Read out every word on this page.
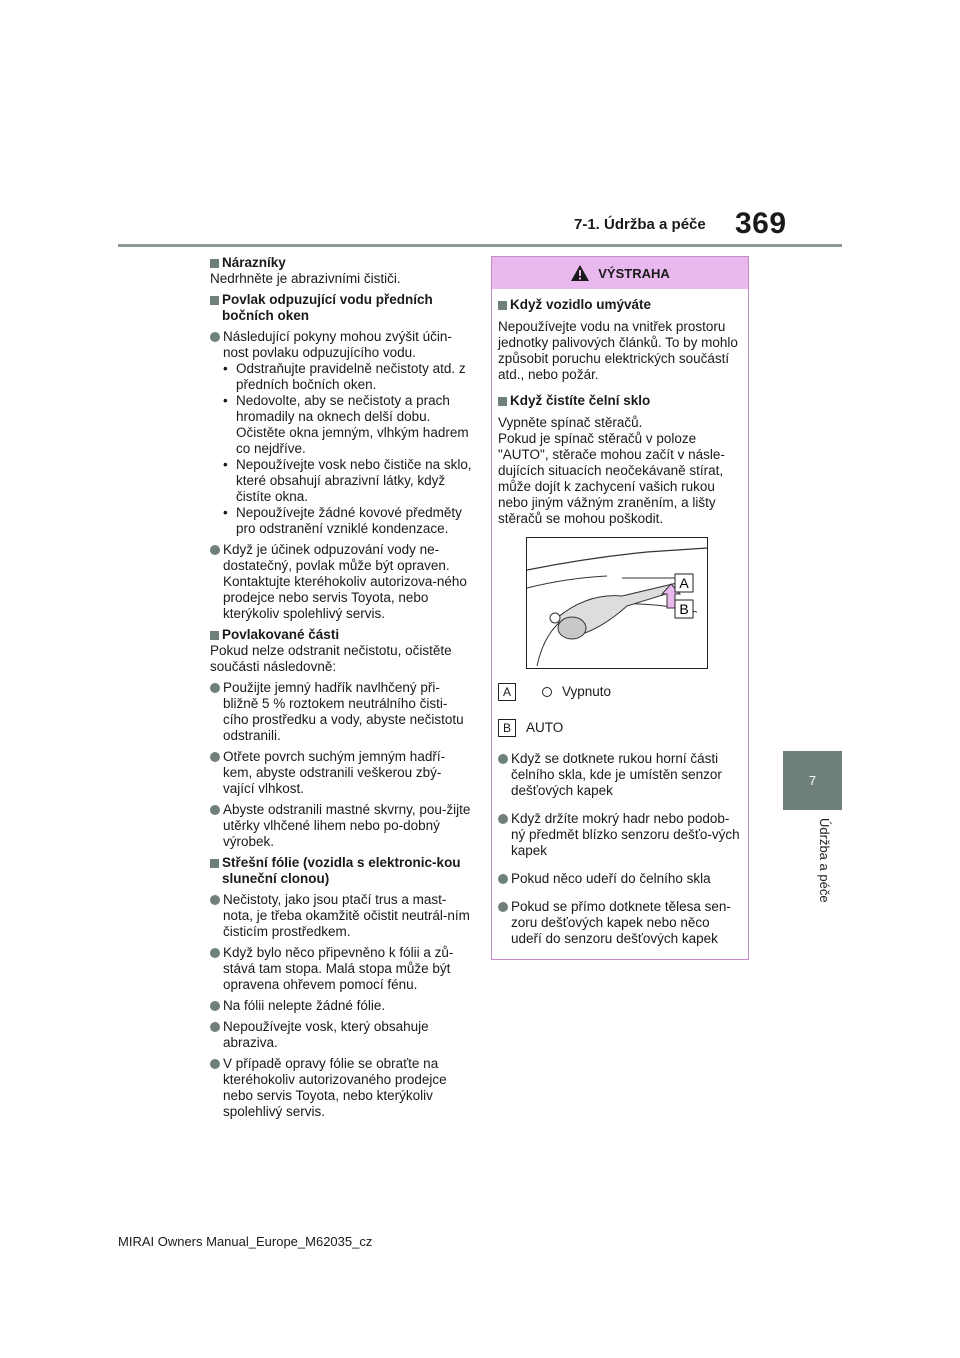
7-1. Údržba a péče 369
7
Údržba a péče
Nárazníky
Nedrhněte je abrazivními čističi.
Povlak odpuzující vodu předních bočních oken
Následující pokyny mohou zvýšit účin-nost povlaku odpuzujícího vodu.
• Odstraňujte pravidelně nečistoty atd. z předních bočních oken.
• Nedovolte, aby se nečistoty a prach hromadily na oknech delší dobu. Očistěte okna jemným, vlhkým hadrem co nejdříve.
• Nepoužívejte vosk nebo čističe na sklo, které obsahují abrazivní látky, když čistíte okna.
• Nepoužívejte žádné kovové předměty pro odstranění vzniklé kondenzace.
Když je účinek odpuzování vody ne-dostatečný, povlak může být opraven. Kontaktujte kteréhokoliv autorizova-ného prodejce nebo servis Toyota, nebo kterýkoliv spolehlivý servis.
Povlakované části
Pokud nelze odstranit nečistotu, očistěte součásti následovně:
Použijte jemný hadřík navlhčený při-bližně 5 % roztokem neutrálního čisti-cího prostředku a vody, abyste nečistotu odstranili.
Otřete povrch suchým jemným hadří-kem, abyste odstranili veškerou zbý-vající vlhkost.
Abyste odstranili mastné skvrny, pou-žijte utěrky vlhčené lihem nebo po-dobný výrobek.
Střešní fólie (vozidla s elektronic-kou sluneční clonou)
Nečistoty, jako jsou ptačí trus a mast-nota, je třeba okamžitě očistit neutrál-ním čisticím prostředkem.
Když bylo něco připevněno k fólii a zů-stává tam stopa. Malá stopa může být opravena ohřevem pomocí fénu.
Na fólii nelepte žádné fólie.
Nepoužívejte vosk, který obsahuje abraziva.
V případě opravy fólie se obraťte na kteréhokoliv autorizovaného prodejce nebo servis Toyota, nebo kterýkoliv spolehlivý servis.
VÝSTRAHA
Když vozidlo umýváte
Nepoužívejte vodu na vnitřek prostoru jednotky palivových článků. To by mohlo způsobit poruchu elektrických součástí atd., nebo požár.
Když čistíte čelní sklo
Vypněte spínač stěračů.
Pokud je spínač stěračů v poloze "AUTO", stěrače mohou začít v násle-dujících situacích neočekávaně stírat, může dojít k zachycení vašich rukou nebo jiným vážným zraněním, a lišty stěračů se mohou poškodit.
A
B
A	Vypnuto
B	AUTO
Když se dotknete rukou horní části čelního skla, kde je umístěn senzor dešťových kapek
Když držíte mokrý hadr nebo podob-ný předmět blízko senzoru dešťo-vých kapek
Pokud něco udeří do čelního skla
Pokud se přímo dotknete tělesa sen-zoru dešťových kapek nebo něco udeří do senzoru dešťových kapek
MIRAI Owners Manual_Europe_M62035_cz
